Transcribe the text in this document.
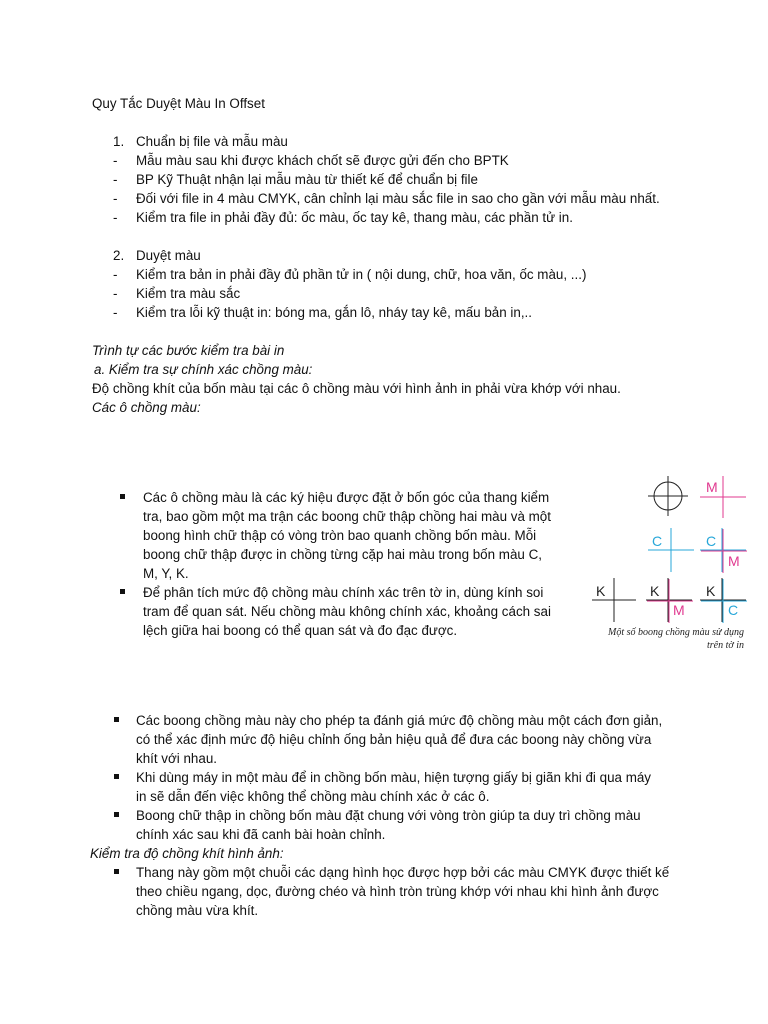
Quy Tắc Duyệt Màu In Offset
1. Chuẩn bị file và mẫu màu
- Mẫu màu sau khi được khách chốt sẽ được gửi đến cho BPTK
- BP Kỹ Thuật nhận lại mẫu màu từ thiết kế để chuẩn bị file
- Đối với file in 4 màu CMYK, cân chỉnh lại màu sắc file in sao cho gần với mẫu màu nhất.
- Kiểm tra file in phải đầy đủ: ốc màu, ốc tay kê, thang màu, các phần tử in.
2. Duyệt màu
- Kiểm tra bản in phải đầy đủ phần tử in ( nội dung, chữ, hoa văn, ốc màu, ...)
- Kiểm tra màu sắc
- Kiểm tra lỗi kỹ thuật in: bóng ma, gắn lô, nháy tay kê, mấu bản in,..
Trình tự các bước kiểm tra bài in
a. Kiểm tra sự chính xác chồng màu:
Độ chồng khít của bốn màu tại các ô chồng màu với hình ảnh in phải vừa khớp với nhau.
Các ô chồng màu:
Các ô chồng màu là các ký hiệu được đặt ở bốn góc của thang kiểm
tra, bao gồm một ma trận các boong chữ thập chồng hai màu và một
boong hình chữ thập có vòng tròn bao quanh chồng bốn màu. Mỗi
boong chữ thập được in chồng từng cặp hai màu trong bốn màu C,
M, Y, K.
Để phân tích mức độ chồng màu chính xác trên tờ in, dùng kính soi
tram để quan sát. Nếu chồng màu không chính xác, khoảng cách sai
lệch giữa hai boong có thể quan sát và đo đạc được.
M
C	C
M
K	K
M
K
C
Một số boong chồng màu sử dụng
trên tờ in
Các boong chồng màu này cho phép ta đánh giá mức độ chồng màu một cách đơn giản,
có thể xác định mức độ hiệu chỉnh ống bản hiệu quả để đưa các boong này chồng vừa
khít với nhau.
Khi dùng máy in một màu để in chồng bốn màu, hiện tượng giấy bị giãn khi đi qua máy
in sẽ dẫn đến việc không thể chồng màu chính xác ở các ô.
Boong chữ thập in chồng bốn màu đặt chung với vòng tròn giúp ta duy trì chồng màu
chính xác sau khi đã canh bài hoàn chỉnh.
Kiểm tra độ chồng khít hình ảnh:
Thang này gồm một chuỗi các dạng hình học được hợp bởi các màu CMYK được thiết kế
theo chiều ngang, dọc, đường chéo và hình tròn trùng khớp với nhau khi hình ảnh được
chồng màu vừa khít.
